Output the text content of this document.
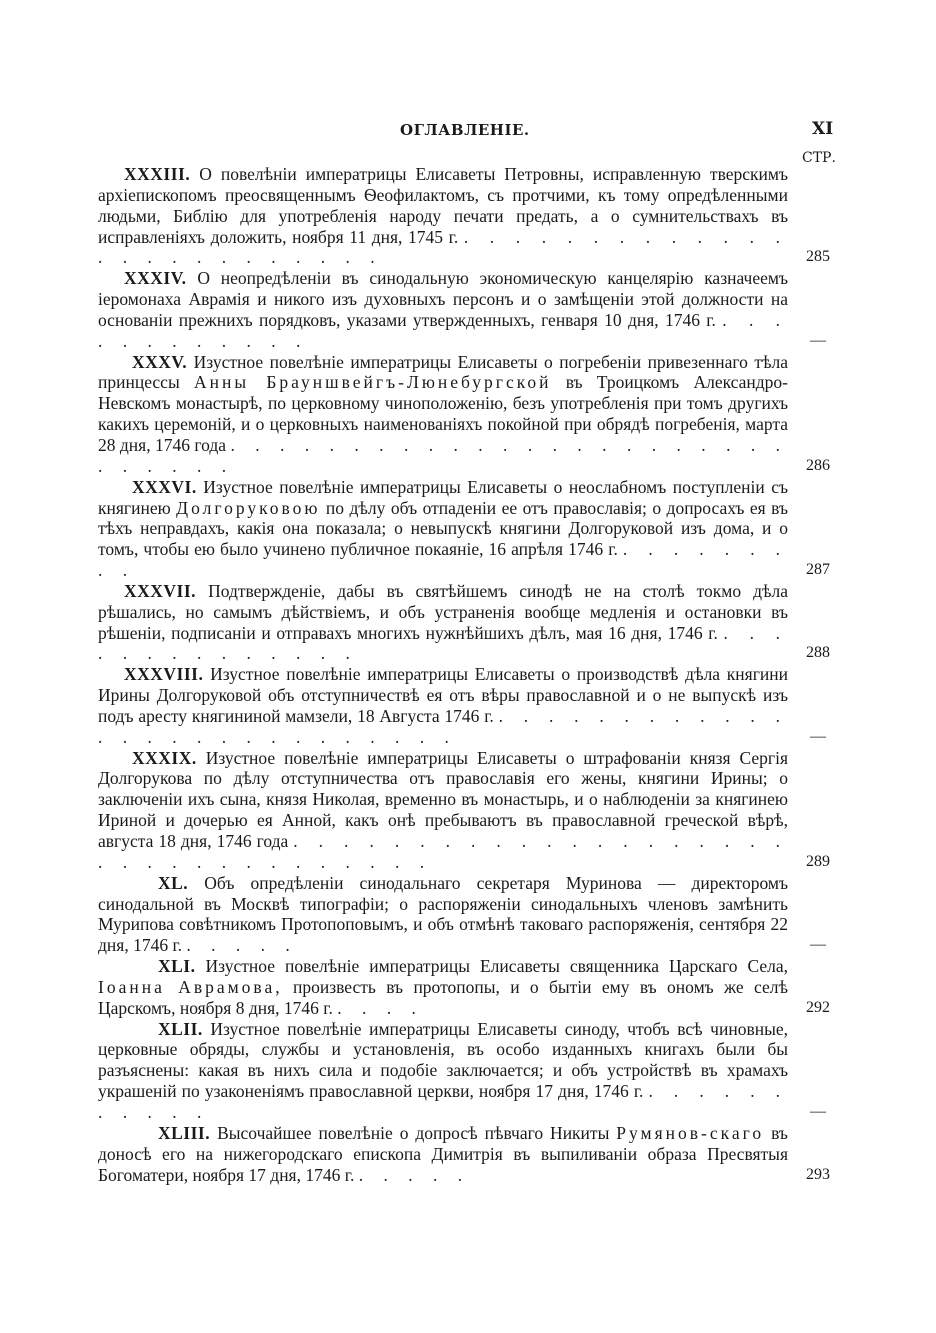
ОГЛАВЛЕНІЕ.	XI
СТР.

XXXIII. О повелѣніи императрицы Елисаветы Петровны, исправленную тверскимъ архіепископомъ преосвященнымъ Ѳеофилактомъ, съ протчими, къ тому опредѣленными людьми, Библію для употребленія народу печати предать, а о сумнительствахъ въ исправленіяхъ доложить, ноября 11 дня, 1745 г. . . . . . . . . . . . . . . . . . . . . . . . . .	285

XXXIV. О неопредѣленіи въ синодальную экономическую канцелярію казначеемъ іеромонаха Аврамія и никого изъ духовныхъ персонъ и о замѣщеніи этой должности на основаніи прежнихъ порядковъ, указами утвержденныхъ, генваря 10 дня, 1746 г. . . . . . . . . . . . .	—

XXXV. Изустное повелѣніе императрицы Елисаветы о погребеніи привезеннаго тѣла принцессы Анны Брауншвейгъ-Люнебургской въ Троицкомъ Александро-Невскомъ монастырѣ, по церковному чиноположенію, безъ употребленія при томъ другихъ какихъ церемоній, и о церковныхъ наименованіяхъ покойной при обрядѣ погребенія, марта 28 дня, 1746 года . . . . . . . . . . . . . . . . . . . . . . . . . . . . .	286

XXXVI. Изустное повелѣніе императрицы Елисаветы о неослабномъ поступленіи съ княгинею Долгоруковою по дѣлу объ отпаденіи ее отъ православія; о допросахъ ея въ тѣхъ неправдахъ, какія она показала; о невыпускѣ княгини Долгоруковой изъ дома, и о томъ, чтобы ею было учинено публичное покаяніе, 16 апрѣля 1746 г. . . . . . . . . .	287

XXXVII. Подтвержденіе, дабы въ святѣйшемъ синодѣ не на столѣ токмо дѣла рѣшались, но самымъ дѣйствіемъ, и объ устраненія вообще медленія и остановки въ рѣшеніи, подписаніи и отправахъ многихъ нужнѣйшихъ дѣлъ, мая 16 дня, 1746 г. . . . . . . . . . . . . . .	288

XXXVIII. Изустное повелѣніе императрицы Елисаветы о производствѣ дѣла княгини Ирины Долгоруковой объ отступничествѣ ея отъ вѣры православной и о не выпускѣ изъ подъ аресту княгининой мамзели, 18 Августа 1746 г. . . . . . . . . . . . . . . . . . . . . . . . . . . .	—

XXXIX. Изустное повелѣніе императрицы Елисаветы о штрафованіи князя Сергія Долгорукова по дѣлу отступничества отъ православія его жены, княгини Ирины; о заключеніи ихъ сына, князя Николая, временно въ монастырь, и о наблюденіи за княгинею Ириной и дочерью ея Анной, какъ онѣ пребываютъ въ православной греческой вѣрѣ, августа 18 дня, 1746 года . . . . . . . . . . . . . . . . . . . . . . . . . . . . . . . . . .	289

XL. Объ опредѣленіи синодальнаго секретаря Муринова — директоромъ синодальной въ Москвѣ типографіи; о распоряженіи синодальныхъ членовъ замѣнить Мурипова совѣтникомъ Протопоповымъ, и объ отмѣнѣ таковаго распоряженія, сентября 22 дня, 1746 г. . . . . .	—

XLI. Изустное повелѣніе императрицы Елисаветы священника Царскаго Села, Іоанна Аврамова, произвесть въ протопопы, и о бытіи ему въ ономъ же селѣ Царскомъ, ноября 8 дня, 1746 г. . . . .	292

XLII. Изустное повелѣніе императрицы Елисаветы синоду, чтобъ всѣ чиновные, церковные обряды, службы и установленія, въ особо изданныхъ книгахъ были бы разъяснены: какая въ нихъ сила и подобіе заключается; и объ устройствѣ въ храмахъ украшеній по узаконеніямъ православной церкви, ноября 17 дня, 1746 г. . . . . . . . . . . .	—

XLIII. Высочайшее повелѣніе о допросѣ пѣвчаго Никиты Румянов-скаго въ доносѣ его на нижегородскаго епископа Димитрія въ выпиливаніи образа Пресвятыя Богоматери, ноября 17 дня, 1746 г. . . . . .	293
